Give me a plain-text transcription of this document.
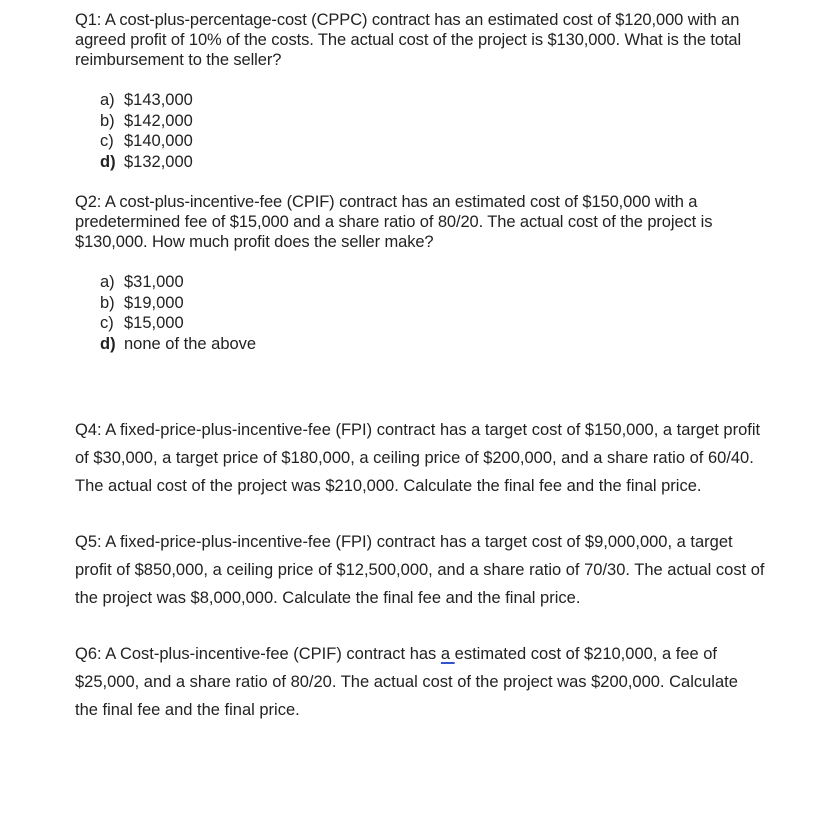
Q1: A cost-plus-percentage-cost (CPPC) contract has an estimated cost of $120,000 with an agreed profit of 10% of the costs. The actual cost of the project is $130,000. What is the total reimbursement to the seller?

a) $143,000
b) $142,000
c) $140,000
d) $132,000

Q2: A cost-plus-incentive-fee (CPIF) contract has an estimated cost of $150,000 with a predetermined fee of $15,000 and a share ratio of 80/20. The actual cost of the project is $130,000. How much profit does the seller make?

a) $31,000
b) $19,000
c) $15,000
d) none of the above

Q4: A fixed-price-plus-incentive-fee (FPI) contract has a target cost of $150,000, a target profit of $30,000, a target price of $180,000, a ceiling price of $200,000, and a share ratio of 60/40. The actual cost of the project was $210,000. Calculate the final fee and the final price.

Q5: A fixed-price-plus-incentive-fee (FPI) contract has a target cost of $9,000,000, a target profit of $850,000, a ceiling price of $12,500,000, and a share ratio of 70/30. The actual cost of the project was $8,000,000. Calculate the final fee and the final price.

Q6: A Cost-plus-incentive-fee (CPIF) contract has a estimated cost of $210,000, a fee of $25,000, and a share ratio of 80/20. The actual cost of the project was $200,000. Calculate the final fee and the final price.
